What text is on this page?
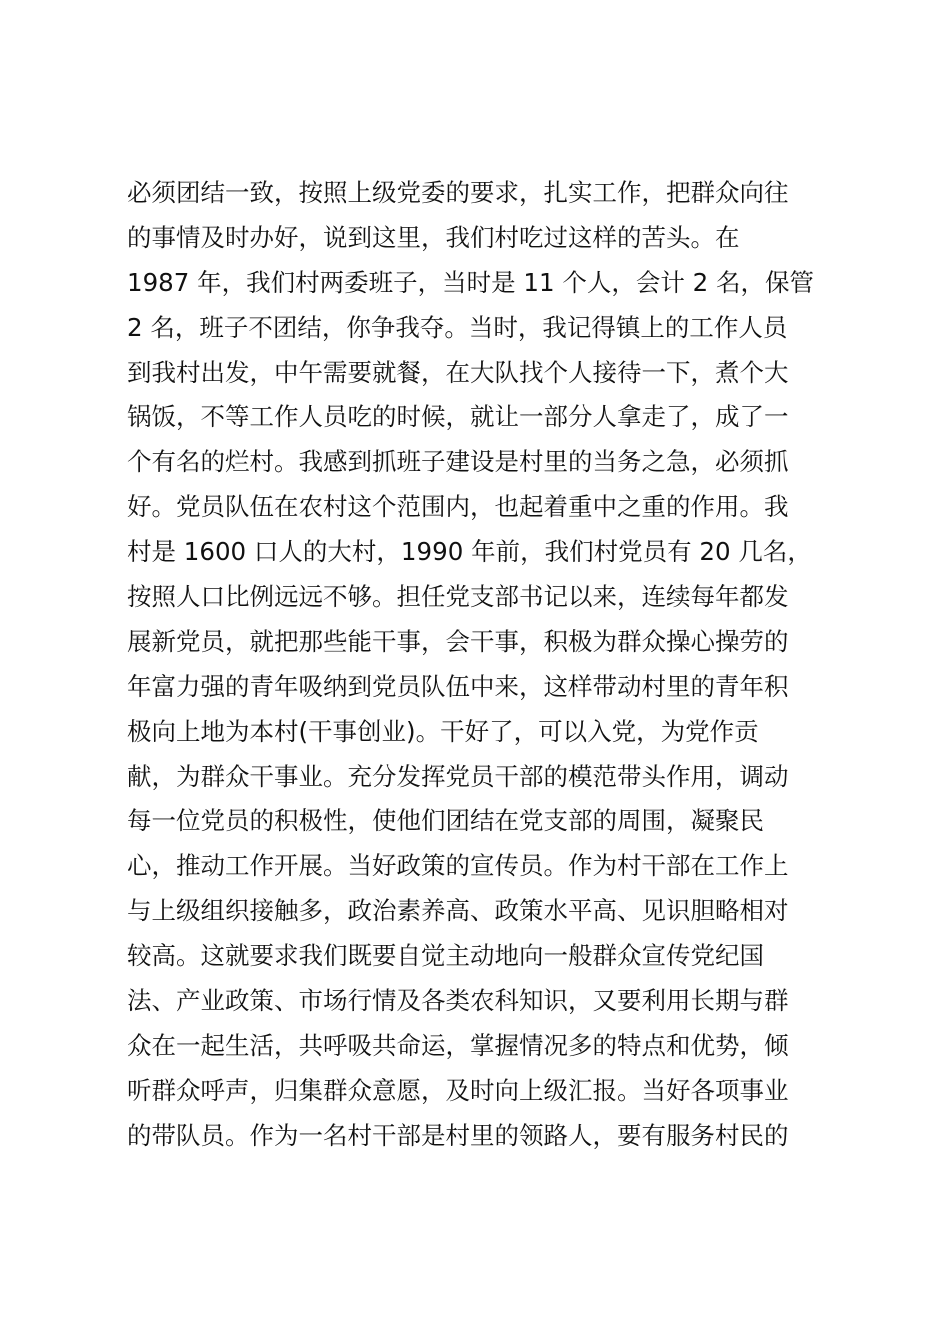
必须团结一致，按照上级党委的要求，扎实工作，把群众向往
的事情及时办好，说到这里，我们村吃过这样的苦头。在
1987 年，我们村两委班子，当时是 11 个人，会计 2 名，保管
2 名，班子不团结，你争我夺。当时，我记得镇上的工作人员
到我村出发，中午需要就餐，在大队找个人接待一下，煮个大
锅饭，不等工作人员吃的时候，就让一部分人拿走了，成了一
个有名的烂村。我感到抓班子建设是村里的当务之急，必须抓
好。党员队伍在农村这个范围内，也起着重中之重的作用。我
村是 1600 口人的大村，1990 年前，我们村党员有 20 几名，
按照人口比例远远不够。担任党支部书记以来，连续每年都发
展新党员，就把那些能干事，会干事，积极为群众操心操劳的
年富力强的青年吸纳到党员队伍中来，这样带动村里的青年积
极向上地为本村(干事创业)。干好了，可以入党，为党作贡
献，为群众干事业。充分发挥党员干部的模范带头作用，调动
每一位党员的积极性，使他们团结在党支部的周围，凝聚民
心，推动工作开展。当好政策的宣传员。作为村干部在工作上
与上级组织接触多，政治素养高、政策水平高、见识胆略相对
较高。这就要求我们既要自觉主动地向一般群众宣传党纪国
法、产业政策、市场行情及各类农科知识，又要利用长期与群
众在一起生活，共呼吸共命运，掌握情况多的特点和优势，倾
听群众呼声，归集群众意愿，及时向上级汇报。当好各项事业
的带队员。作为一名村干部是村里的领路人，要有服务村民的
